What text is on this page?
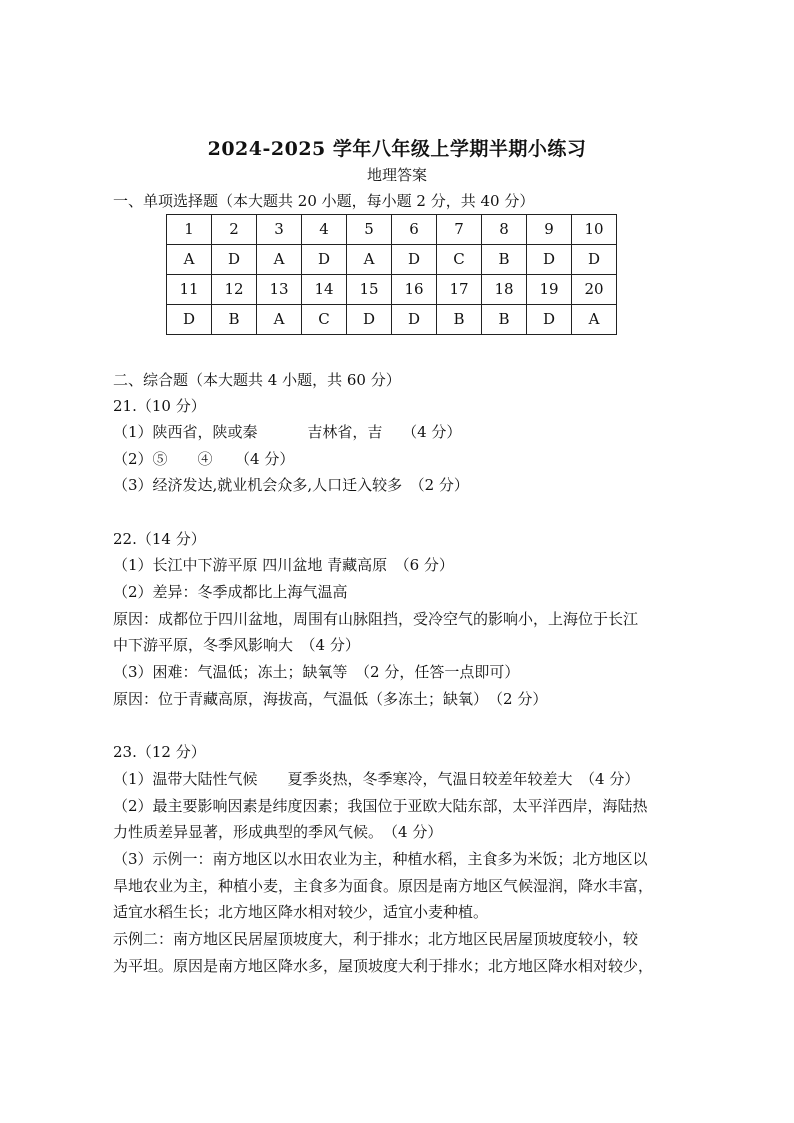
2024-2025 学年八年级上学期半期小练习
地理答案
一、单项选择题（本大题共 20 小题，每小题 2 分，共 40 分）
1	2	3	4	5	6	7	8	9	10
A	D	A	D	A	D	C	B	D	D
11	12	13	14	15	16	17	18	19	20
D	B	A	C	D	D	B	B	D	A
二、综合题（本大题共 4 小题，共 60 分）
21.（10 分）
（1）陕西省，陕或秦　　　 吉林省，吉　 （4 分）
（2）⑤　　④　　（4 分）
（3）经济发达,就业机会众多,人口迁入较多　（2 分）
22.（14 分）
（1）长江中下游平原 四川盆地 青藏高原　（6 分）
（2）差异：冬季成都比上海气温高
原因：成都位于四川盆地，周围有山脉阻挡，受冷空气的影响小，上海位于长江
中下游平原，冬季风影响大　（4 分）
（3）困难：气温低；冻土；缺氧等　（2 分，任答一点即可）
原因：位于青藏高原，海拔高，气温低（多冻土；缺氧）　（2 分）
23.（12 分）
（1）温带大陆性气候　　夏季炎热，冬季寒冷，气温日较差年较差大　（4 分）
（2）最主要影响因素是纬度因素；我国位于亚欧大陆东部，太平洋西岸，海陆热
力性质差异显著，形成典型的季风气候。　（4 分）
（3）示例一：南方地区以水田农业为主，种植水稻，主食多为米饭；北方地区以
旱地农业为主，种植小麦，主食多为面食。原因是南方地区气候湿润，降水丰富，
适宜水稻生长；北方地区降水相对较少，适宜小麦种植。
示例二：南方地区民居屋顶坡度大，利于排水；北方地区民居屋顶坡度较小，较
为平坦。原因是南方地区降水多，屋顶坡度大利于排水；北方地区降水相对较少，
